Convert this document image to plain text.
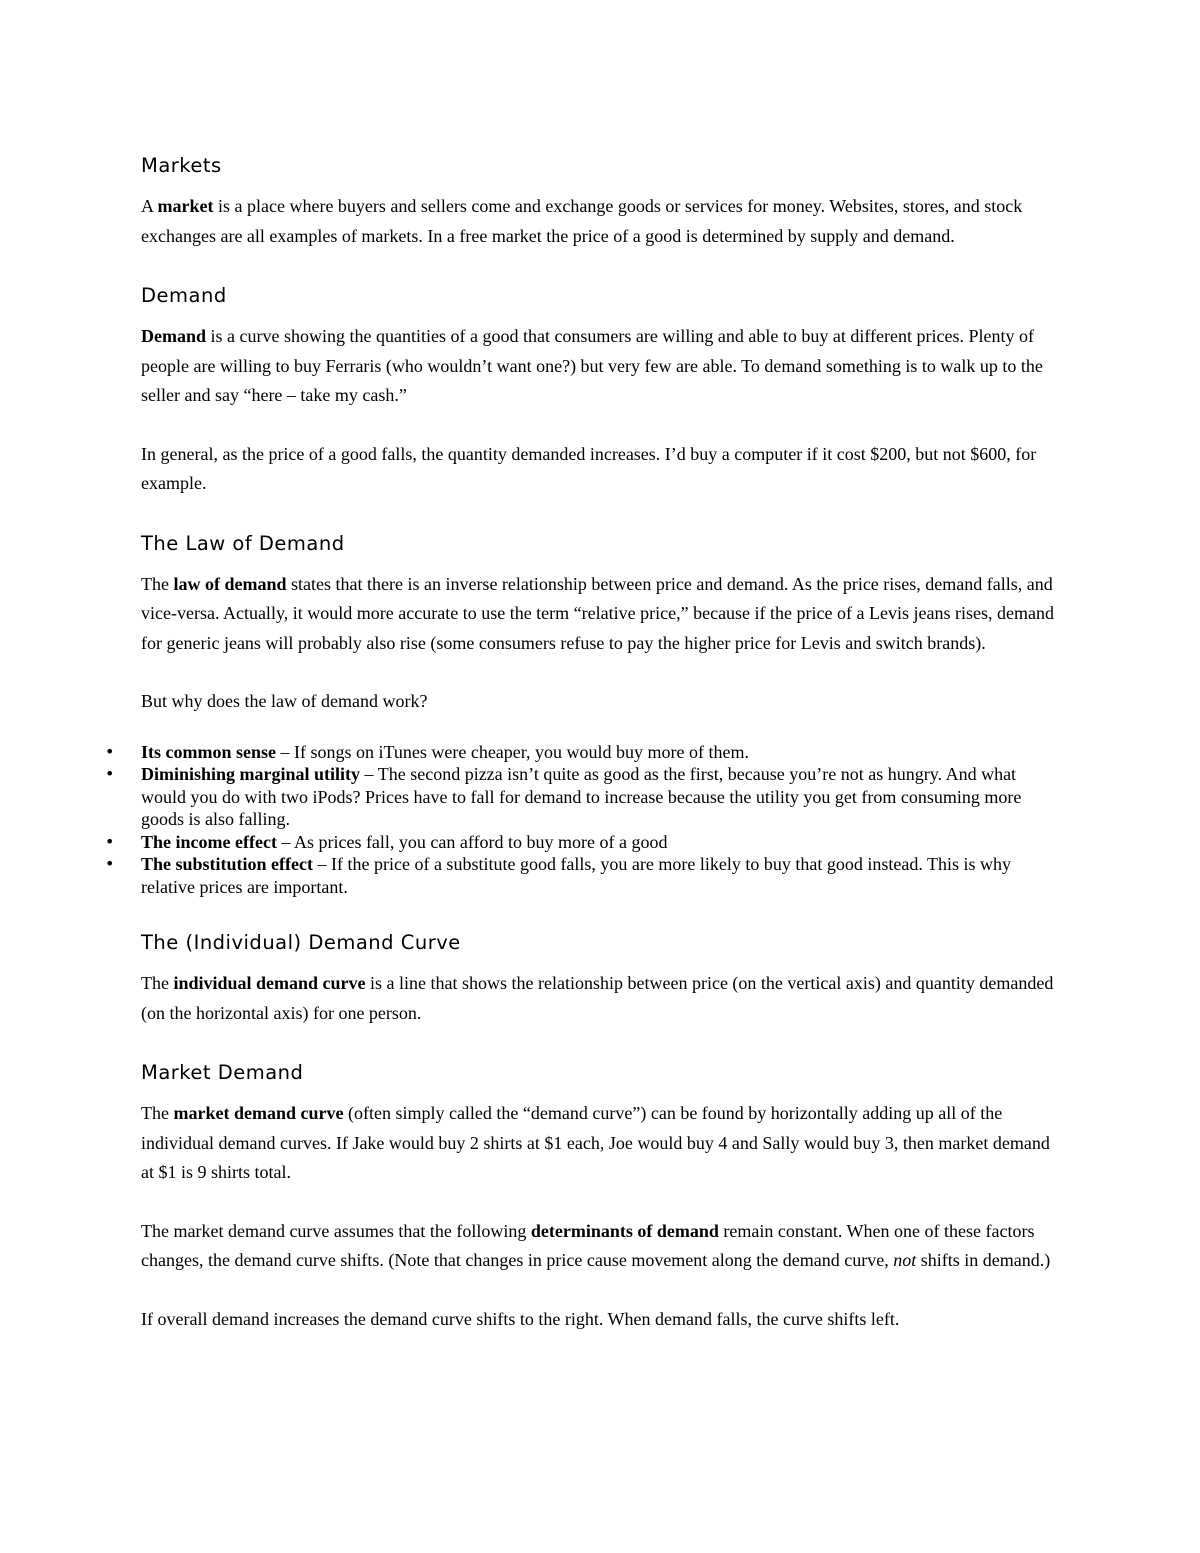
Markets

A market is a place where buyers and sellers come and exchange goods or services for money. Websites, stores, and stock exchanges are all examples of markets. In a free market the price of a good is determined by supply and demand.

Demand

Demand is a curve showing the quantities of a good that consumers are willing and able to buy at different prices. Plenty of people are willing to buy Ferraris (who wouldn’t want one?) but very few are able. To demand something is to walk up to the seller and say “here – take my cash.”

In general, as the price of a good falls, the quantity demanded increases. I’d buy a computer if it cost $200, but not $600, for example.

The Law of Demand

The law of demand states that there is an inverse relationship between price and demand. As the price rises, demand falls, and vice-versa. Actually, it would more accurate to use the term “relative price,” because if the price of a Levis jeans rises, demand for generic jeans will probably also rise (some consumers refuse to pay the higher price for Levis and switch brands).

But why does the law of demand work?

• Its common sense – If songs on iTunes were cheaper, you would buy more of them.
• Diminishing marginal utility – The second pizza isn’t quite as good as the first, because you’re not as hungry. And what would you do with two iPods? Prices have to fall for demand to increase because the utility you get from consuming more goods is also falling.
• The income effect – As prices fall, you can afford to buy more of a good
• The substitution effect – If the price of a substitute good falls, you are more likely to buy that good instead. This is why relative prices are important.
The (Individual) Demand Curve

The individual demand curve is a line that shows the relationship between price (on the vertical axis) and quantity demanded (on the horizontal axis) for one person.

Market Demand

The market demand curve (often simply called the “demand curve”) can be found by horizontally adding up all of the individual demand curves. If Jake would buy 2 shirts at $1 each, Joe would buy 4 and Sally would buy 3, then market demand at $1 is 9 shirts total.

The market demand curve assumes that the following determinants of demand remain constant. When one of these factors changes, the demand curve shifts. (Note that changes in price cause movement along the demand curve, not shifts in demand.)

If overall demand increases the demand curve shifts to the right. When demand falls, the curve shifts left.
